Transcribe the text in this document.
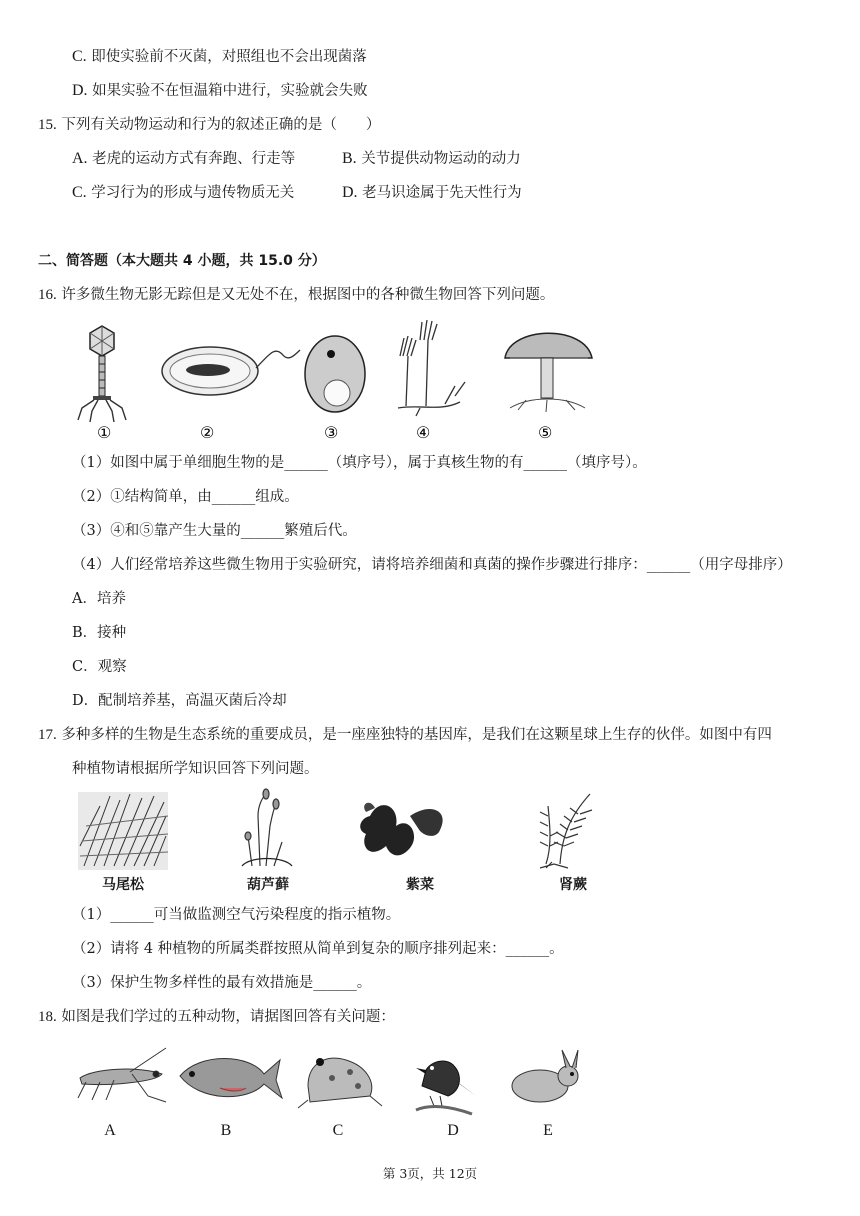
C. 即使实验前不灭菌，对照组也不会出现菌落
D. 如果实验不在恒温箱中进行，实验就会失败
15. 下列有关动物运动和行为的叙述正确的是（　　）
A. 老虎的运动方式有奔跑、行走等	B. 关节提供动物运动的动力
C. 学习行为的形成与遗传物质无关	D. 老马识途属于先天性行为
二、简答题（本大题共 4 小题，共 15.0 分）
16. 许多微生物无影无踪但是又无处不在，根据图中的各种微生物回答下列问题。
①	②	③	④	⑤
（1）如图中属于单细胞生物的是______（填序号），属于真核生物的有______（填序号）。
（2）①结构简单，由______组成。
（3）④和⑤靠产生大量的______繁殖后代。
（4）人们经常培养这些微生物用于实验研究，请将培养细菌和真菌的操作步骤进行排序：______（用字母排序）
A．培养
B．接种
C．观察
D．配制培养基，高温灭菌后冷却
17. 多种多样的生物是生态系统的重要成员，是一座座独特的基因库，是我们在这颗星球上生存的伙伴。如图中有四
种植物请根据所学知识回答下列问题。
马尾松	葫芦藓	紫菜	肾蕨
（1）______可当做监测空气污染程度的指示植物。
（2）请将 4 种植物的所属类群按照从简单到复杂的顺序排列起来：______。
（3）保护生物多样性的最有效措施是______。
18. 如图是我们学过的五种动物，请据图回答有关问题：
A	B	C	D	E
第 3页，共 12页
